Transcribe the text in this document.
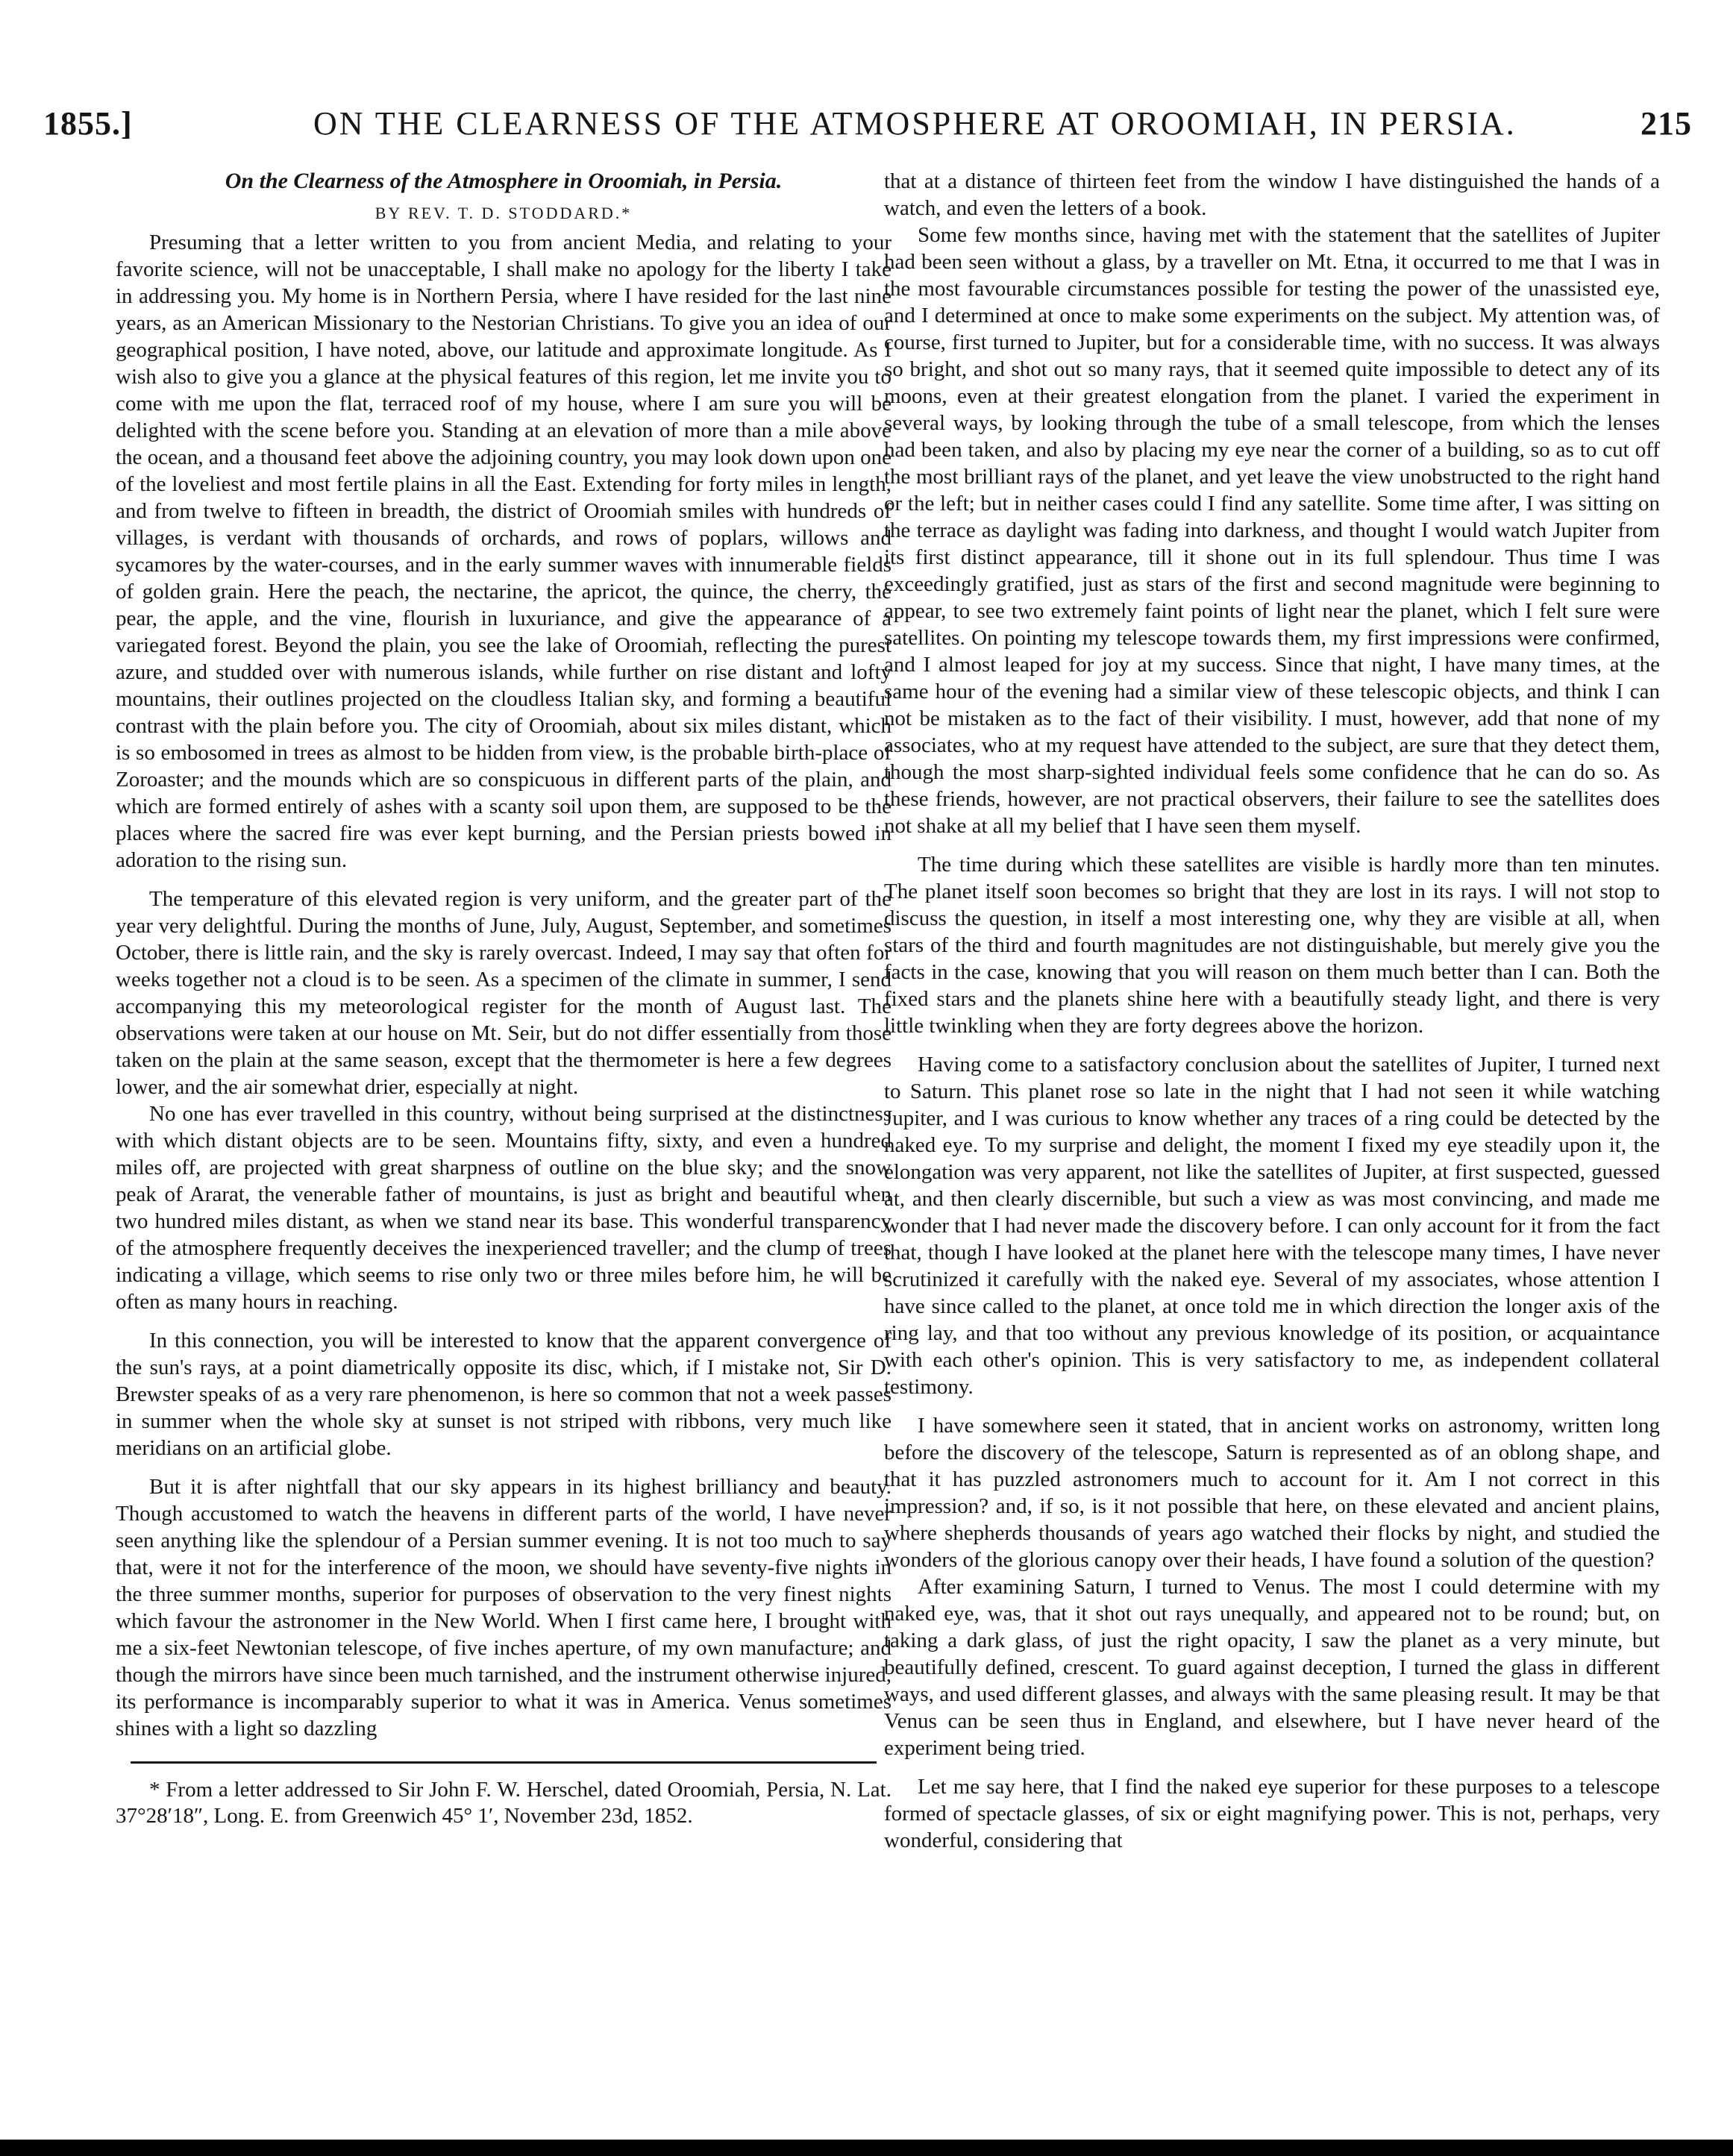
1855.]	ON THE CLEARNESS OF THE ATMOSPHERE AT OROOMIAH, IN PERSIA.	215
On the Clearness of the Atmosphere in Oroomiah, in Persia.
BY REV. T. D. STODDARD.*

Presuming that a letter written to you from ancient Media, and relating to your favorite science, will not be unacceptable, I shall make no apology for the liberty I take in addressing you. My home is in Northern Persia, where I have resided for the last nine years, as an American Missionary to the Nestorian Christians. To give you an idea of our geographical position, I have noted, above, our latitude and approximate longitude. As I wish also to give you a glance at the physical features of this region, let me invite you to come with me upon the flat, terraced roof of my house, where I am sure you will be delighted with the scene before you. Standing at an elevation of more than a mile above the ocean, and a thousand feet above the adjoining country, you may look down upon one of the loveliest and most fertile plains in all the East. Extending for forty miles in length, and from twelve to fifteen in breadth, the district of Oroomiah smiles with hundreds of villages, is verdant with thousands of orchards, and rows of poplars, willows and sycamores by the water-courses, and in the early summer waves with innumerable fields of golden grain. Here the peach, the nectarine, the apricot, the quince, the cherry, the pear, the apple, and the vine, flourish in luxuriance, and give the appearance of a variegated forest. Beyond the plain, you see the lake of Oroomiah, reflecting the purest azure, and studded over with numerous islands, while further on rise distant and lofty mountains, their outlines projected on the cloudless Italian sky, and forming a beautiful contrast with the plain before you. The city of Oroomiah, about six miles distant, which is so embosomed in trees as almost to be hidden from view, is the probable birth-place of Zoroaster; and the mounds which are so conspicuous in different parts of the plain, and which are formed entirely of ashes with a scanty soil upon them, are supposed to be the places where the sacred fire was ever kept burning, and the Persian priests bowed in adoration to the rising sun.

The temperature of this elevated region is very uniform, and the greater part of the year very delightful. During the months of June, July, August, September, and sometimes October, there is little rain, and the sky is rarely overcast. Indeed, I may say that often for weeks together not a cloud is to be seen. As a specimen of the climate in summer, I send accompanying this my meteorological register for the month of August last. The observations were taken at our house on Mt. Seir, but do not differ essentially from those taken on the plain at the same season, except that the thermometer is here a few degrees lower, and the air somewhat drier, especially at night.

No one has ever travelled in this country, without being surprised at the distinctness with which distant objects are to be seen. Mountains fifty, sixty, and even a hundred miles off, are projected with great sharpness of outline on the blue sky; and the snow peak of Ararat, the venerable father of mountains, is just as bright and beautiful when two hundred miles distant, as when we stand near its base. This wonderful transparency of the atmosphere frequently deceives the inexperienced traveller; and the clump of trees indicating a village, which seems to rise only two or three miles before him, he will be often as many hours in reaching.

In this connection, you will be interested to know that the apparent convergence of the sun's rays, at a point diametrically opposite its disc, which, if I mistake not, Sir D. Brewster speaks of as a very rare phenomenon, is here so common that not a week passes in summer when the whole sky at sunset is not striped with ribbons, very much like meridians on an artificial globe.

But it is after nightfall that our sky appears in its highest brilliancy and beauty. Though accustomed to watch the heavens in different parts of the world, I have never seen anything like the splendour of a Persian summer evening. It is not too much to say that, were it not for the interference of the moon, we should have seventy-five nights in the three summer months, superior for purposes of observation to the very finest nights which favour the astronomer in the New World. When I first came here, I brought with me a six-feet Newtonian telescope, of five inches aperture, of my own manufacture; and though the mirrors have since been much tarnished, and the instrument otherwise injured, its performance is incomparably superior to what it was in America. Venus sometimes shines with a light so dazzling

* From a letter addressed to Sir John F. W. Herschel, dated Oroomiah, Persia, N. Lat. 37°28′18″, Long. E. from Greenwich 45° 1′, November 23d, 1852.

that at a distance of thirteen feet from the window I have distinguished the hands of a watch, and even the letters of a book.

Some few months since, having met with the statement that the satellites of Jupiter had been seen without a glass, by a traveller on Mt. Etna, it occurred to me that I was in the most favourable circumstances possible for testing the power of the unassisted eye, and I determined at once to make some experiments on the subject. My attention was, of course, first turned to Jupiter, but for a considerable time, with no success. It was always so bright, and shot out so many rays, that it seemed quite impossible to detect any of its moons, even at their greatest elongation from the planet. I varied the experiment in several ways, by looking through the tube of a small telescope, from which the lenses had been taken, and also by placing my eye near the corner of a building, so as to cut off the most brilliant rays of the planet, and yet leave the view unobstructed to the right hand or the left; but in neither cases could I find any satellite. Some time after, I was sitting on the terrace as daylight was fading into darkness, and thought I would watch Jupiter from its first distinct appearance, till it shone out in its full splendour. Thus time I was exceedingly gratified, just as stars of the first and second magnitude were beginning to appear, to see two extremely faint points of light near the planet, which I felt sure were satellites. On pointing my telescope towards them, my first impressions were confirmed, and I almost leaped for joy at my success. Since that night, I have many times, at the same hour of the evening had a similar view of these telescopic objects, and think I can not be mistaken as to the fact of their visibility. I must, however, add that none of my associates, who at my request have attended to the subject, are sure that they detect them, though the most sharp-sighted individual feels some confidence that he can do so. As these friends, however, are not practical observers, their failure to see the satellites does not shake at all my belief that I have seen them myself.

The time during which these satellites are visible is hardly more than ten minutes. The planet itself soon becomes so bright that they are lost in its rays. I will not stop to discuss the question, in itself a most interesting one, why they are visible at all, when stars of the third and fourth magnitudes are not distinguishable, but merely give you the facts in the case, knowing that you will reason on them much better than I can. Both the fixed stars and the planets shine here with a beautifully steady light, and there is very little twinkling when they are forty degrees above the horizon.

Having come to a satisfactory conclusion about the satellites of Jupiter, I turned next to Saturn. This planet rose so late in the night that I had not seen it while watching Jupiter, and I was curious to know whether any traces of a ring could be detected by the naked eye. To my surprise and delight, the moment I fixed my eye steadily upon it, the elongation was very apparent, not like the satellites of Jupiter, at first suspected, guessed at, and then clearly discernible, but such a view as was most convincing, and made me wonder that I had never made the discovery before. I can only account for it from the fact that, though I have looked at the planet here with the telescope many times, I have never scrutinized it carefully with the naked eye. Several of my associates, whose attention I have since called to the planet, at once told me in which direction the longer axis of the ring lay, and that too without any previous knowledge of its position, or acquaintance with each other's opinion. This is very satisfactory to me, as independent collateral testimony.

I have somewhere seen it stated, that in ancient works on astronomy, written long before the discovery of the telescope, Saturn is represented as of an oblong shape, and that it has puzzled astronomers much to account for it. Am I not correct in this impression? and, if so, is it not possible that here, on these elevated and ancient plains, where shepherds thousands of years ago watched their flocks by night, and studied the wonders of the glorious canopy over their heads, I have found a solution of the question?

After examining Saturn, I turned to Venus. The most I could determine with my naked eye, was, that it shot out rays unequally, and appeared not to be round; but, on taking a dark glass, of just the right opacity, I saw the planet as a very minute, but beautifully defined, crescent. To guard against deception, I turned the glass in different ways, and used different glasses, and always with the same pleasing result. It may be that Venus can be seen thus in England, and elsewhere, but I have never heard of the experiment being tried.

Let me say here, that I find the naked eye superior for these purposes to a telescope formed of spectacle glasses, of six or eight magnifying power. This is not, perhaps, very wonderful, considering that
